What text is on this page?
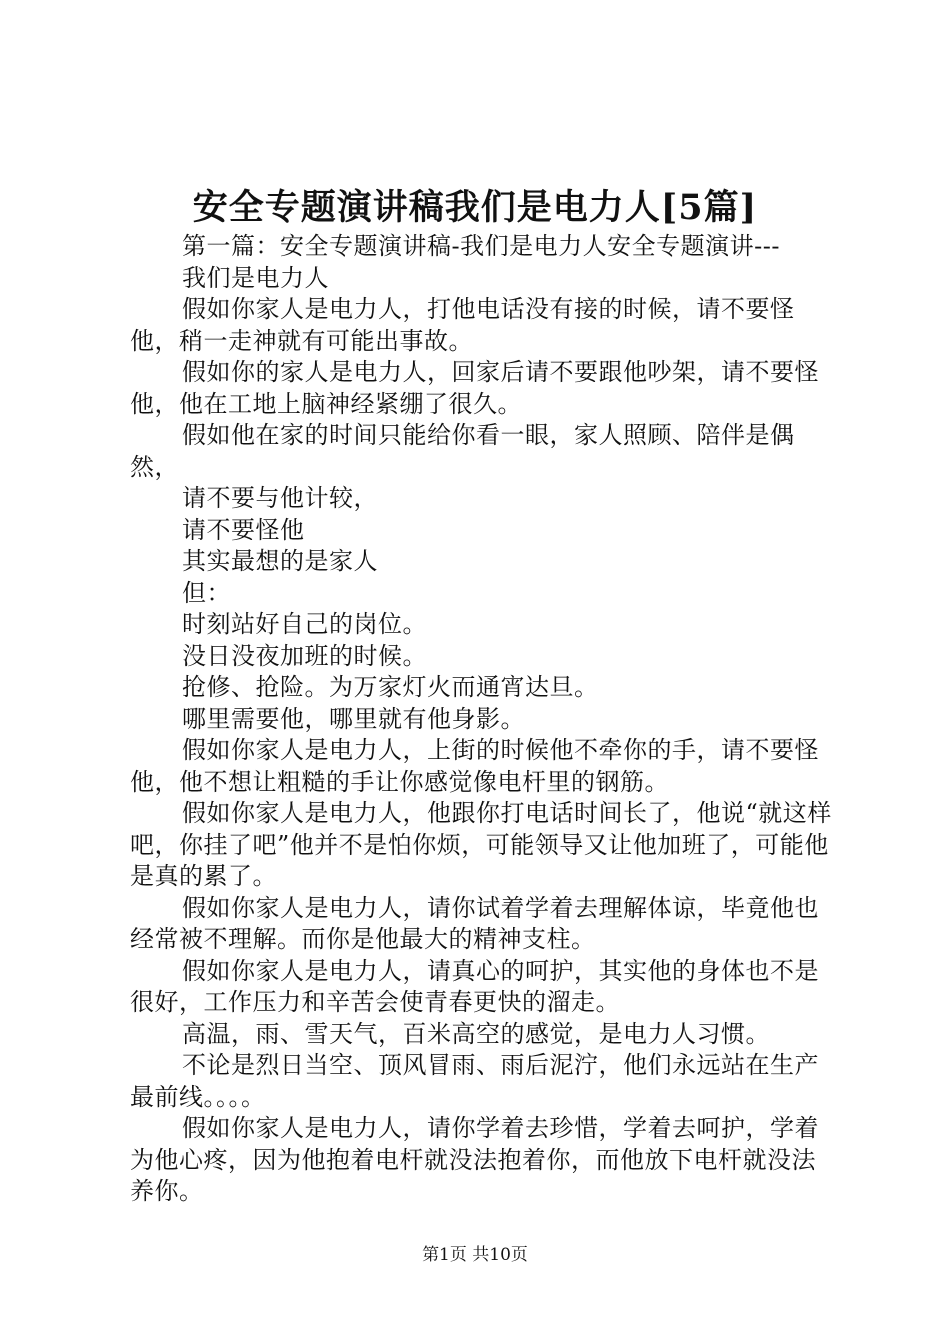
安全专题演讲稿我们是电力人[5篇]

第一篇：安全专题演讲稿-我们是电力人安全专题演讲---

我们是电力人

假如你家人是电力人，打他电话没有接的时候，请不要怪他，稍一走神就有可能出事故。

假如你的家人是电力人，回家后请不要跟他吵架，请不要怪他，他在工地上脑神经紧绷了很久。

假如他在家的时间只能给你看一眼，家人照顾、陪伴是偶然，

请不要与他计较，

请不要怪他

其实最想的是家人

但：

时刻站好自己的岗位。

没日没夜加班的时候。

抢修、抢险。为万家灯火而通宵达旦。

哪里需要他，哪里就有他身影。

假如你家人是电力人，上街的时候他不牵你的手，请不要怪他，他不想让粗糙的手让你感觉像电杆里的钢筋。

假如你家人是电力人，他跟你打电话时间长了，他说“就这样吧，你挂了吧”他并不是怕你烦，可能领导又让他加班了，可能他是真的累了。

假如你家人是电力人，请你试着学着去理解体谅，毕竟他也经常被不理解。而你是他最大的精神支柱。

假如你家人是电力人，请真心的呵护，其实他的身体也不是很好，工作压力和辛苦会使青春更快的溜走。

高温，雨、雪天气，百米高空的感觉，是电力人习惯。

不论是烈日当空、顶风冒雨、雨后泥泞，他们永远站在生产最前线。。。。

假如你家人是电力人，请你学着去珍惜，学着去呵护，学着为他心疼，因为他抱着电杆就没法抱着你，而他放下电杆就没法养你。

第1页 共10页
